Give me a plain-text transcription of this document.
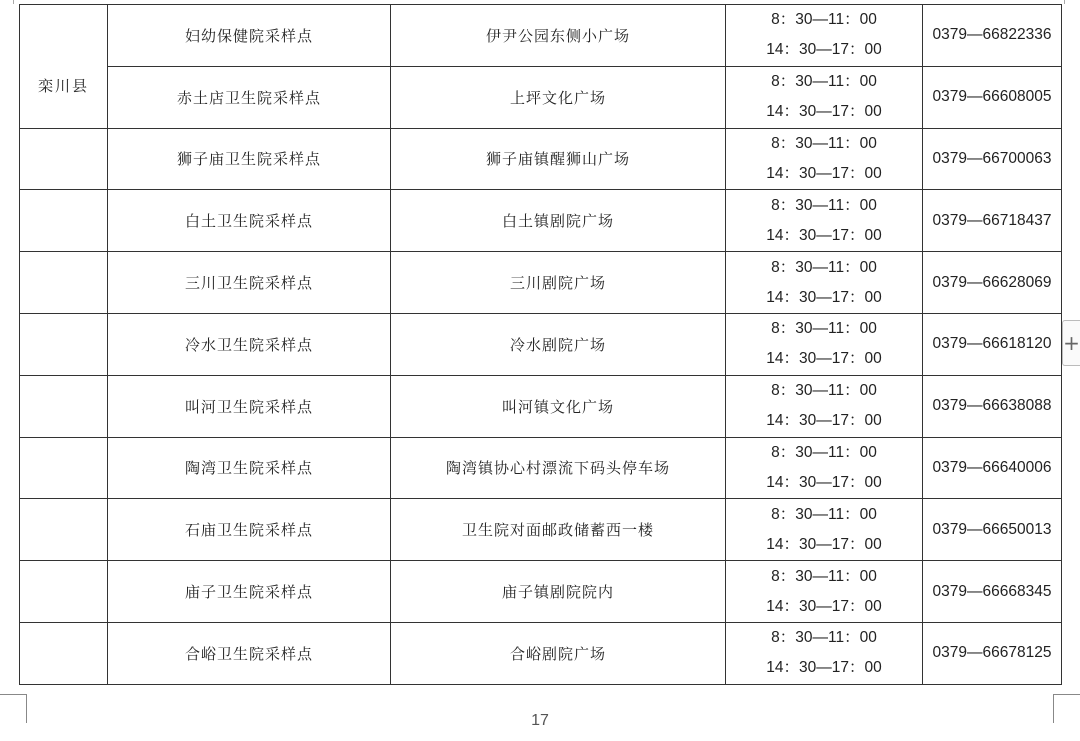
栾川县	妇幼保健院采样点	伊尹公园东侧小广场	8：30—11：00
14：30—17：00	0379—66822336
	赤土店卫生院采样点	上坪文化广场	8：30—11：00
14：30—17：00	0379—66608005
	狮子庙卫生院采样点	狮子庙镇醒狮山广场	8：30—11：00
14：30—17：00	0379—66700063
	白土卫生院采样点	白土镇剧院广场	8：30—11：00
14：30—17：00	0379—66718437
	三川卫生院采样点	三川剧院广场	8：30—11：00
14：30—17：00	0379—66628069
	冷水卫生院采样点	冷水剧院广场	8：30—11：00
14：30—17：00	0379—66618120
	叫河卫生院采样点	叫河镇文化广场	8：30—11：00
14：30—17：00	0379—66638088
	陶湾卫生院采样点	陶湾镇协心村漂流下码头停车场	8：30—11：00
14：30—17：00	0379—66640006
	石庙卫生院采样点	卫生院对面邮政储蓄西一楼	8：30—11：00
14：30—17：00	0379—66650013
	庙子卫生院采样点	庙子镇剧院院内	8：30—11：00
14：30—17：00	0379—66668345
	合峪卫生院采样点	合峪剧院广场	8：30—11：00
14：30—17：00	0379—66678125
17
+
